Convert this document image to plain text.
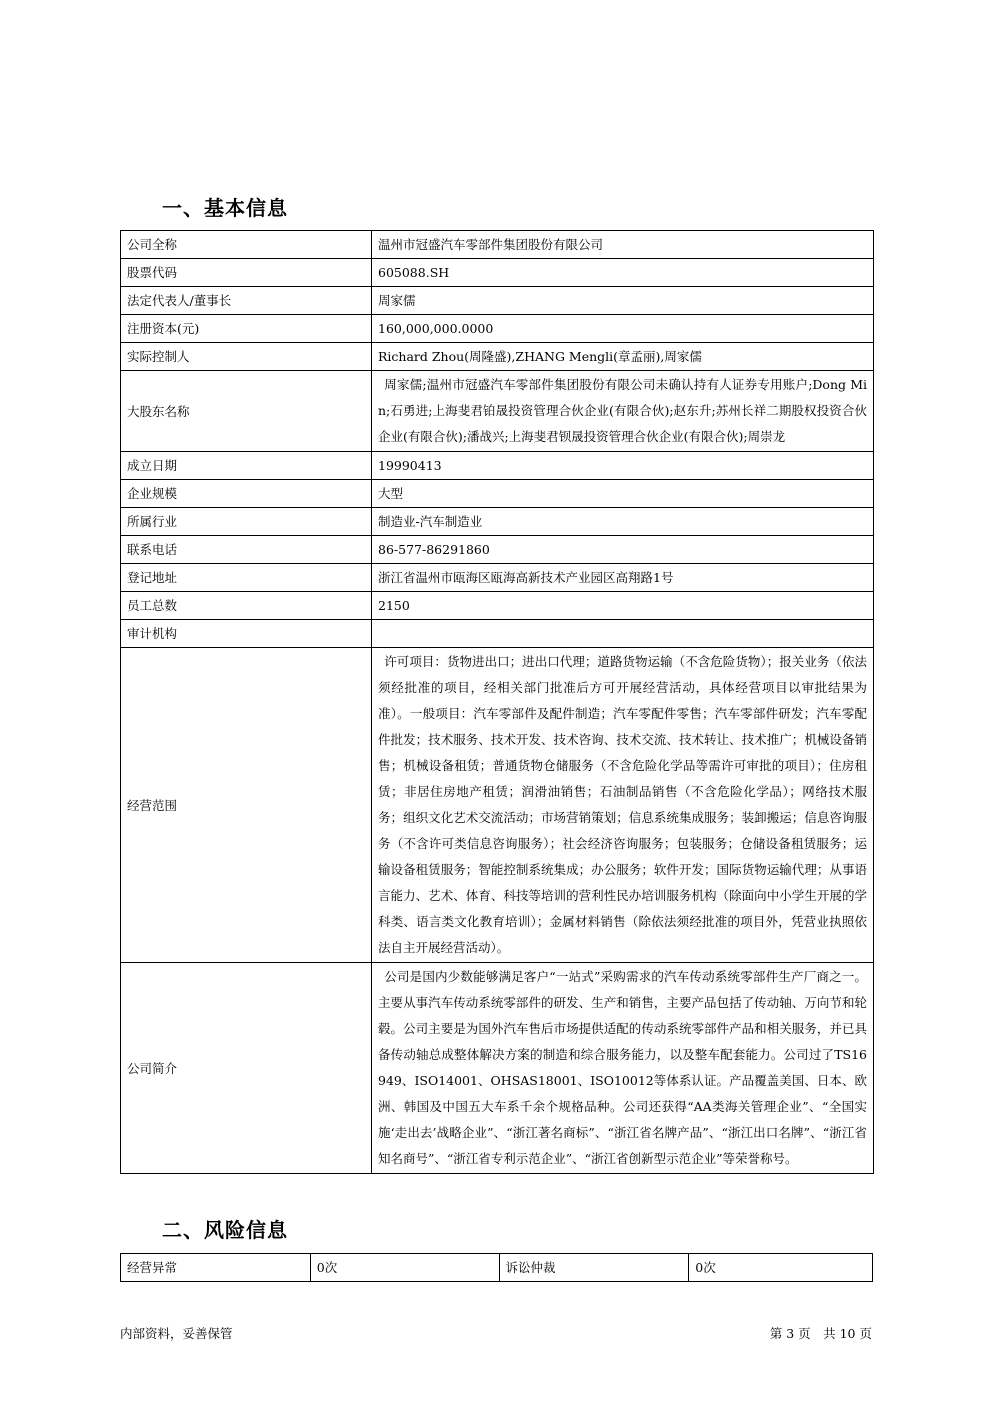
一、基本信息
公司全称	温州市冠盛汽车零部件集团股份有限公司
股票代码	605088.SH
法定代表人/董事长	周家儒
注册资本(元)	160,000,000.0000
实际控制人	Richard Zhou(周隆盛),ZHANG Mengli(章孟丽),周家儒
大股东名称	周家儒;温州市冠盛汽车零部件集团股份有限公司未确认持有人证券专用账户;Dong Min;石勇进;上海斐君铂晟投资管理合伙企业(有限合伙);赵东升;苏州长祥二期股权投资合伙企业(有限合伙);潘战兴;上海斐君钡晟投资管理合伙企业(有限合伙);周崇龙
成立日期	19990413
企业规模	大型
所属行业	制造业-汽车制造业
联系电话	86-577-86291860
登记地址	浙江省温州市瓯海区瓯海高新技术产业园区高翔路1号
员工总数	2150
审计机构	
经营范围	许可项目：货物进出口；进出口代理；道路货物运输（不含危险货物）；报关业务（依法须经批准的项目，经相关部门批准后方可开展经营活动，具体经营项目以审批结果为准）。一般项目：汽车零部件及配件制造；汽车零配件零售；汽车零部件研发；汽车零配件批发；技术服务、技术开发、技术咨询、技术交流、技术转让、技术推广；机械设备销售；机械设备租赁；普通货物仓储服务（不含危险化学品等需许可审批的项目）；住房租赁；非居住房地产租赁；润滑油销售；石油制品销售（不含危险化学品）；网络技术服务；组织文化艺术交流活动；市场营销策划；信息系统集成服务；装卸搬运；信息咨询服务（不含许可类信息咨询服务）；社会经济咨询服务；包装服务；仓储设备租赁服务；运输设备租赁服务；智能控制系统集成；办公服务；软件开发；国际货物运输代理；从事语言能力、艺术、体育、科技等培训的营利性民办培训服务机构（除面向中小学生开展的学科类、语言类文化教育培训）；金属材料销售（除依法须经批准的项目外，凭营业执照依法自主开展经营活动）。
公司简介	公司是国内少数能够满足客户“一站式”采购需求的汽车传动系统零部件生产厂商之一。主要从事汽车传动系统零部件的研发、生产和销售，主要产品包括了传动轴、万向节和轮毂。公司主要是为国外汽车售后市场提供适配的传动系统零部件产品和相关服务，并已具备传动轴总成整体解决方案的制造和综合服务能力，以及整车配套能力。公司过了TS16949、ISO14001、OHSAS18001、ISO10012等体系认证。产品覆盖美国、日本、欧洲、韩国及中国五大车系千余个规格品种。公司还获得“AA类海关管理企业”、“全国实施‘走出去’战略企业”、“浙江著名商标”、“浙江省名牌产品”、“浙江出口名牌”、“浙江省知名商号”、“浙江省专利示范企业”、“浙江省创新型示范企业”等荣誉称号。
二、风险信息
经营异常	0次	诉讼仲裁	0次
内部资料，妥善保管	第 3 页　共 10 页
